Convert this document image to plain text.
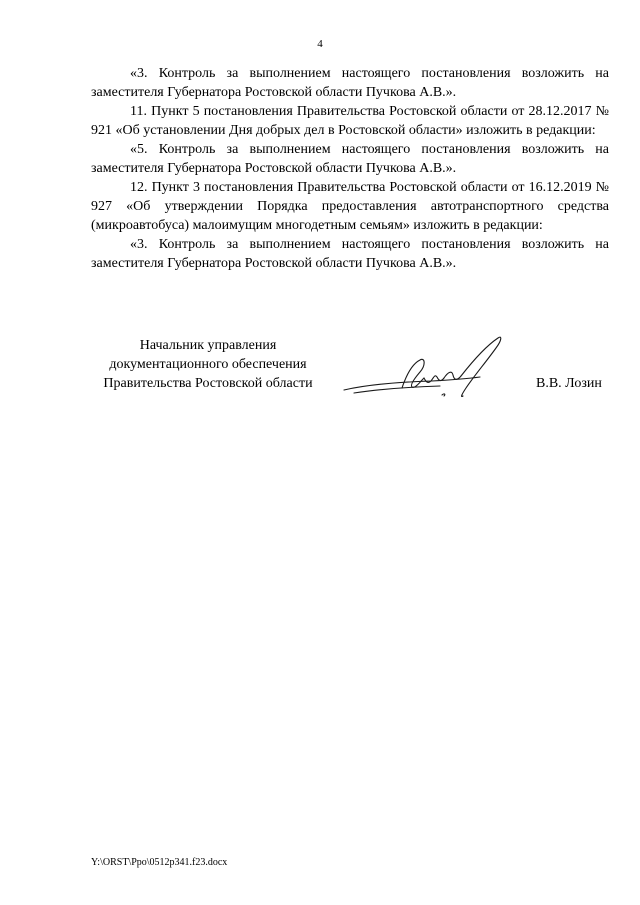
4

«3. Контроль за выполнением настоящего постановления возложить на заместителя Губернатора Ростовской области Пучкова А.В.».

11. Пункт 5 постановления Правительства Ростовской области от 28.12.2017 № 921 «Об установлении Дня добрых дел в Ростовской области» изложить в редакции:

«5. Контроль за выполнением настоящего постановления возложить на заместителя Губернатора Ростовской области Пучкова А.В.».

12. Пункт 3 постановления Правительства Ростовской области от 16.12.2019 № 927 «Об утверждении Порядка предоставления автотранспортного средства (микроавтобуса) малоимущим многодетным семьям» изложить в редакции:

«3. Контроль за выполнением настоящего постановления возложить на заместителя Губернатора Ростовской области Пучкова А.В.».

Начальник управления
документационного обеспечения
Правительства Ростовской области	В.В. Лозин
Y:\ORST\Ppo\0512p341.f23.docx
